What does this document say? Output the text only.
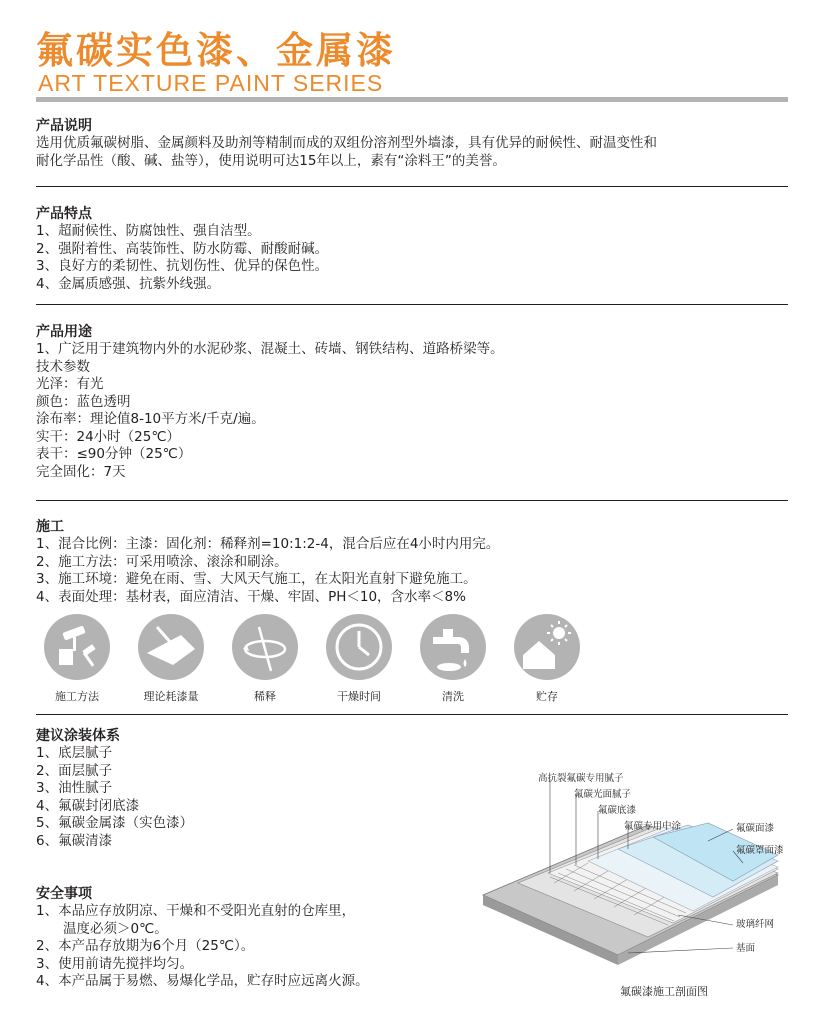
氟碳实色漆、金属漆
ART TEXTURE PAINT SERIES
产品说明
选用优质氟碳树脂、金属颜料及助剂等精制而成的双组份溶剂型外墙漆，具有优异的耐候性、耐温变性和
耐化学品性（酸、碱、盐等），使用说明可达15年以上，素有“涂料王”的美誉。
产品特点
1、超耐候性、防腐蚀性、强自洁型。
2、强附着性、高装饰性、防水防霉、耐酸耐碱。
3、良好方的柔韧性、抗划伤性、优异的保色性。
4、金属质感强、抗紫外线强。
产品用途
1、广泛用于建筑物内外的水泥砂浆、混凝土、砖墙、钢铁结构、道路桥梁等。
技术参数
光泽：有光
颜色：蓝色透明
涂布率：理论值8-10平方米/千克/遍。
实干：24小时（25℃）
表干：≤90分钟（25℃）
完全固化：7天
施工
1、混合比例：主漆：固化剂：稀释剂=10:1:2-4，混合后应在4小时内用完。
2、施工方法：可采用喷涂、滚涂和刷涂。
3、施工环境：避免在雨、雪、大风天气施工，在太阳光直射下避免施工。
4、表面处理：基材表，面应清洁、干燥、牢固、PH＜10，含水率＜8%
施工方法	理论耗漆量	稀释	干燥时间	清洗	贮存
建议涂装体系
1、底层腻子
2、面层腻子
3、油性腻子
4、氟碳封闭底漆
5、氟碳金属漆（实色漆）
6、氟碳清漆
安全事项
1、本品应存放阴凉、干燥和不受阳光直射的仓库里，
　　温度必须＞0℃。
2、本产品存放期为6个月（25℃）。
3、使用前请先搅拌均匀。
4、本产品属于易燃、易爆化学品，贮存时应远离火源。
高抗裂氟碳专用腻子
氟碳光面腻子
氟碳底漆
氟碳专用中涂	氟碳面漆
氟碳罩面漆
玻璃纤网
基面
氟碳漆施工剖面图
